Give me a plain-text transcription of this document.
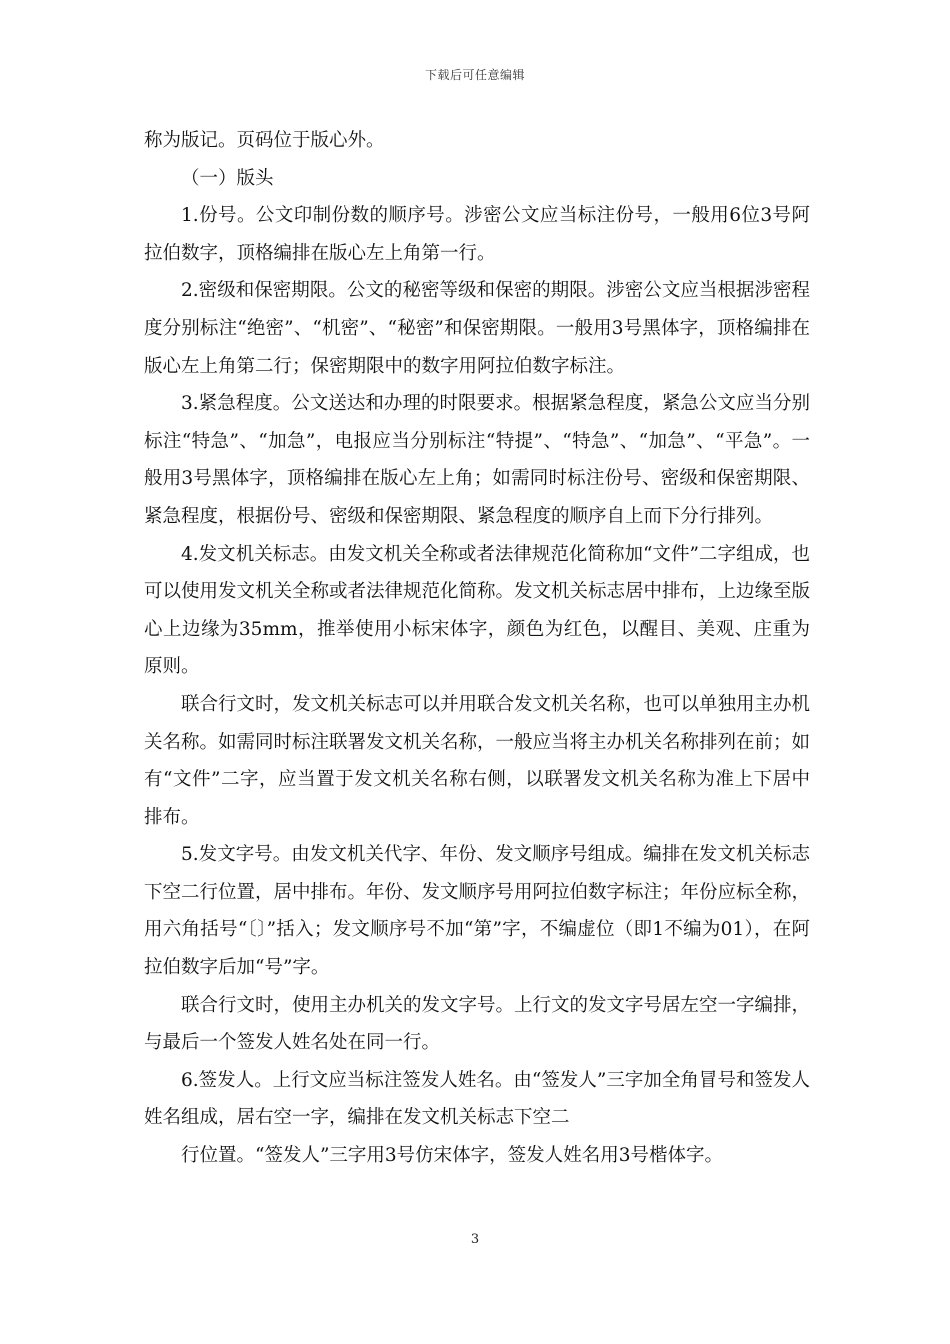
下载后可任意编辑

称为版记。页码位于版心外。

（一）版头

1.份号。公文印制份数的顺序号。涉密公文应当标注份号，一般用6位3号阿拉伯数字，顶格编排在版心左上角第一行。

2.密级和保密期限。公文的秘密等级和保密的期限。涉密公文应当根据涉密程度分别标注“绝密”、“机密”、“秘密”和保密期限。一般用3号黑体字，顶格编排在版心左上角第二行；保密期限中的数字用阿拉伯数字标注。

3.紧急程度。公文送达和办理的时限要求。根据紧急程度，紧急公文应当分别标注“特急”、“加急”，电报应当分别标注“特提”、“特急”、“加急”、“平急”。一般用3号黑体字，顶格编排在版心左上角；如需同时标注份号、密级和保密期限、紧急程度，根据份号、密级和保密期限、紧急程度的顺序自上而下分行排列。

4.发文机关标志。由发文机关全称或者法律规范化简称加“文件”二字组成，也可以使用发文机关全称或者法律规范化简称。发文机关标志居中排布，上边缘至版心上边缘为35mm，推举使用小标宋体字，颜色为红色，以醒目、美观、庄重为原则。

联合行文时，发文机关标志可以并用联合发文机关名称，也可以单独用主办机关名称。如需同时标注联署发文机关名称，一般应当将主办机关名称排列在前；如有“文件”二字，应当置于发文机关名称右侧，以联署发文机关名称为准上下居中排布。

5.发文字号。由发文机关代字、年份、发文顺序号组成。编排在发文机关标志下空二行位置，居中排布。年份、发文顺序号用阿拉伯数字标注；年份应标全称，用六角括号“〔〕”括入；发文顺序号不加“第”字，不编虚位（即1不编为01），在阿拉伯数字后加“号”字。

联合行文时，使用主办机关的发文字号。上行文的发文字号居左空一字编排，与最后一个签发人姓名处在同一行。

6.签发人。上行文应当标注签发人姓名。由“签发人”三字加全角冒号和签发人姓名组成，居右空一字，编排在发文机关标志下空二

行位置。“签发人”三字用3号仿宋体字，签发人姓名用3号楷体字。

3
